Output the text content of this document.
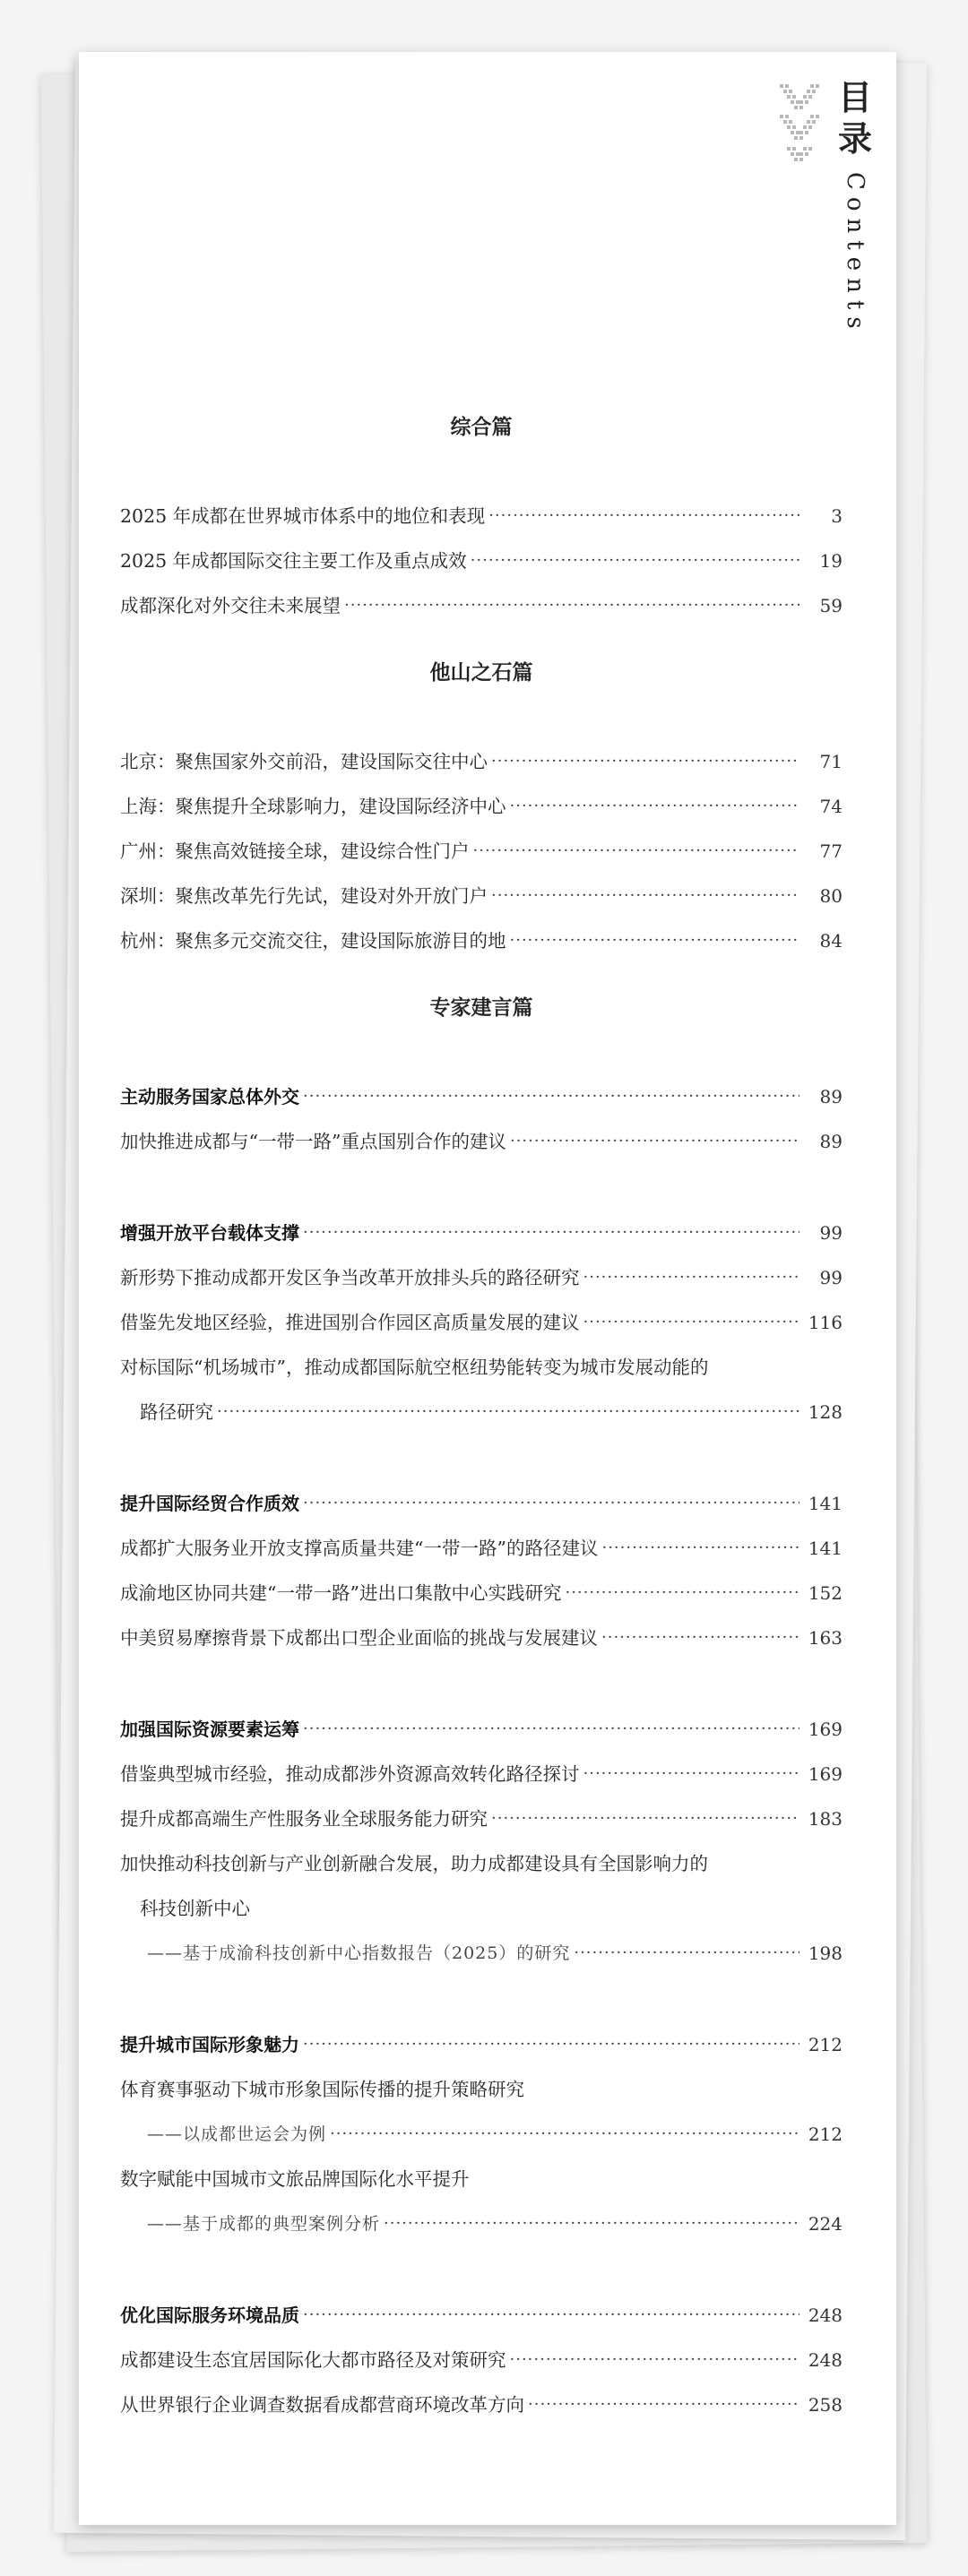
目录
Contents
综合篇
2025 年成都在世界城市体系中的地位和表现 ·····	3
2025 年成都国际交往主要工作及重点成效 ·····	19
成都深化对外交往未来展望 ·····	59
他山之石篇
北京：聚焦国家外交前沿，建设国际交往中心 ·····	71
上海：聚焦提升全球影响力，建设国际经济中心 ·····	74
广州：聚焦高效链接全球，建设综合性门户 ·····	77
深圳：聚焦改革先行先试，建设对外开放门户 ·····	80
杭州：聚焦多元交流交往，建设国际旅游目的地 ·····	84
专家建言篇
主动服务国家总体外交 ·····	89
加快推进成都与“一带一路”重点国别合作的建议 ·····	89
增强开放平台载体支撑 ·····	99
新形势下推动成都开发区争当改革开放排头兵的路径研究 ·····	99
借鉴先发地区经验，推进国别合作园区高质量发展的建议 ·····	116
对标国际“机场城市”，推动成都国际航空枢纽势能转变为城市发展动能的
路径研究 ·····	128
提升国际经贸合作质效 ·····	141
成都扩大服务业开放支撑高质量共建“一带一路”的路径建议 ·····	141
成渝地区协同共建“一带一路”进出口集散中心实践研究 ·····	152
中美贸易摩擦背景下成都出口型企业面临的挑战与发展建议 ·····	163
加强国际资源要素运筹 ·····	169
借鉴典型城市经验，推动成都涉外资源高效转化路径探讨 ·····	169
提升成都高端生产性服务业全球服务能力研究 ·····	183
加快推动科技创新与产业创新融合发展，助力成都建设具有全国影响力的
科技创新中心
——基于成渝科技创新中心指数报告（2025）的研究 ·····	198
提升城市国际形象魅力 ·····	212
体育赛事驱动下城市形象国际传播的提升策略研究
——以成都世运会为例 ·····	212
数字赋能中国城市文旅品牌国际化水平提升
——基于成都的典型案例分析 ·····	224
优化国际服务环境品质 ·····	248
成都建设生态宜居国际化大都市路径及对策研究 ·····	248
从世界银行企业调查数据看成都营商环境改革方向 ·····	258
